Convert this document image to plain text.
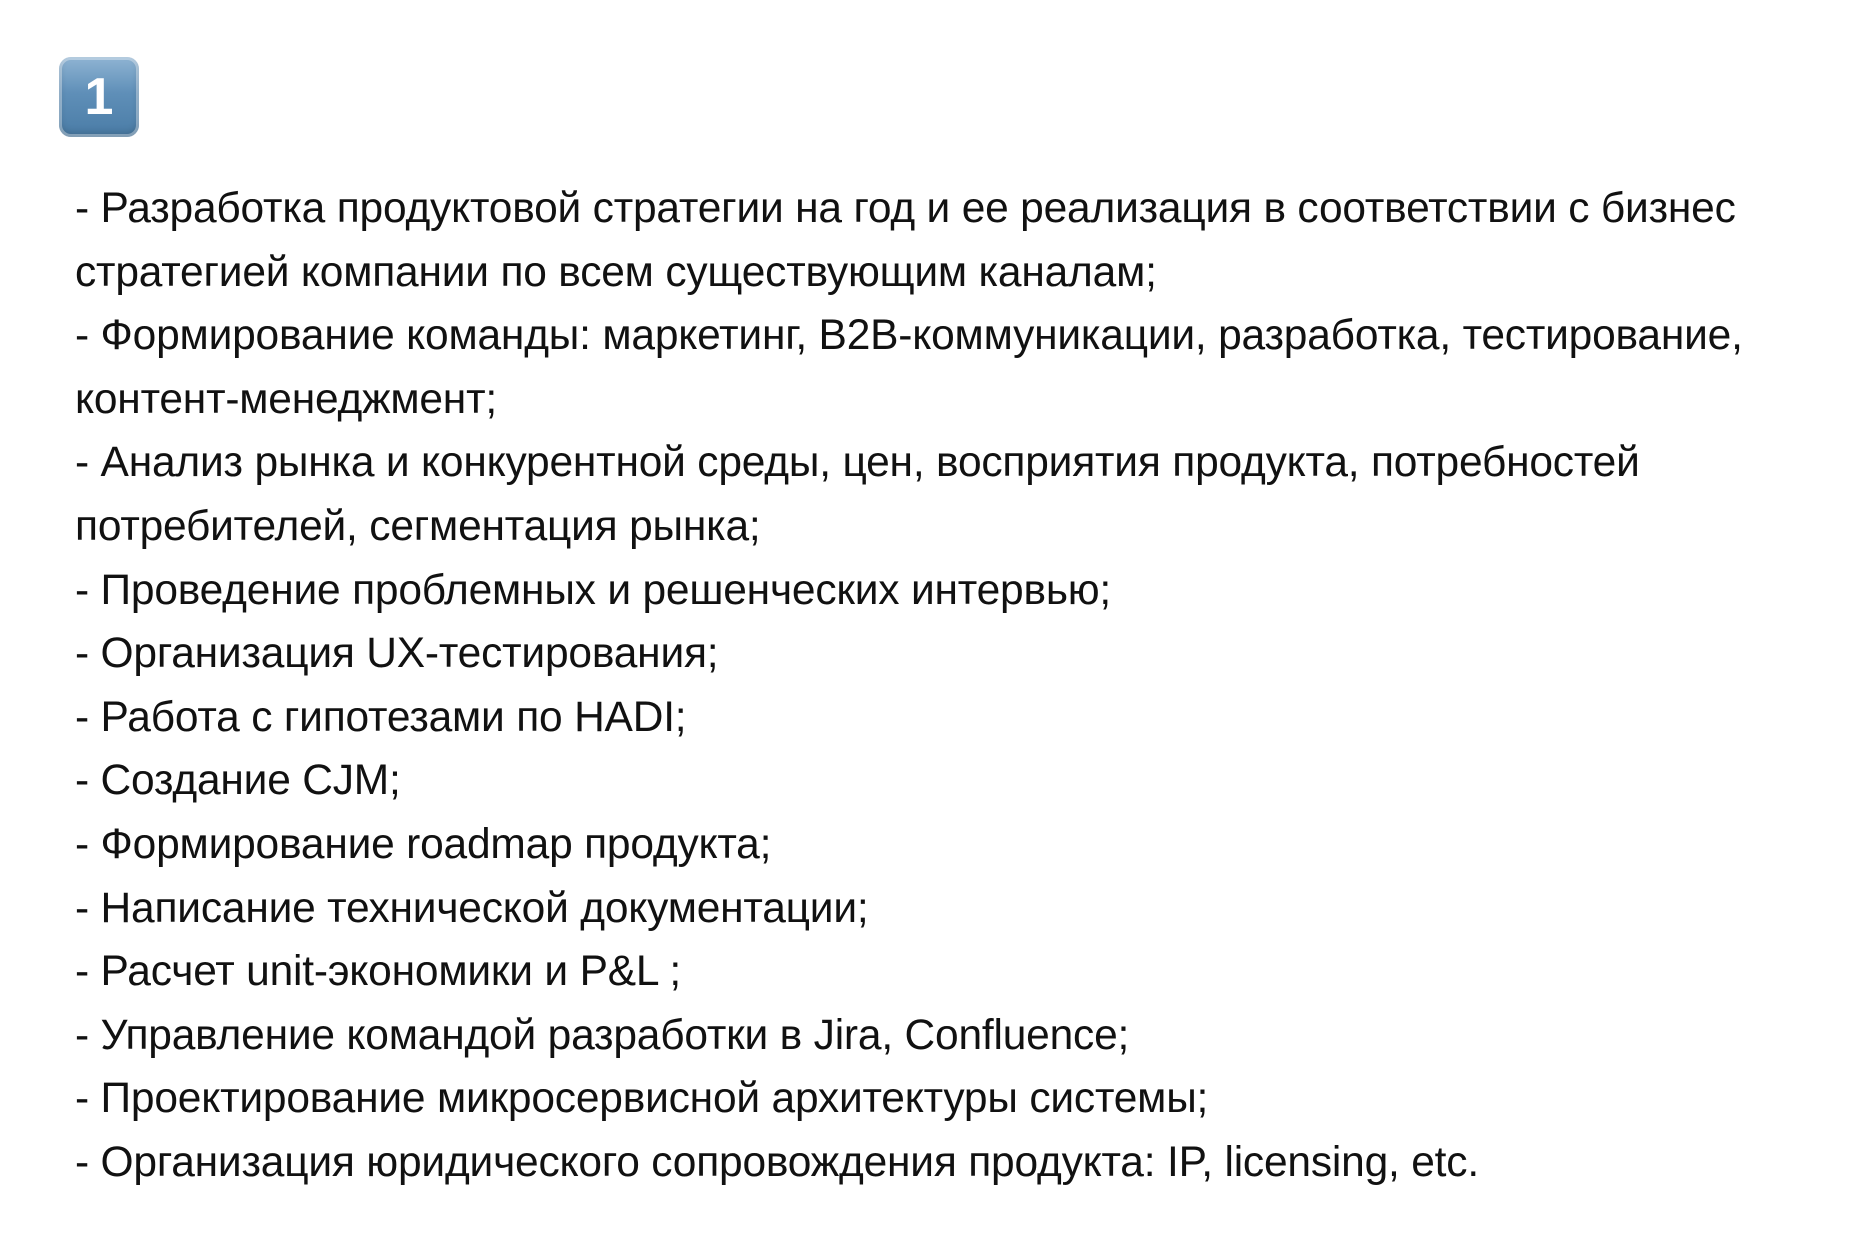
1
- Разработка продуктовой стратегии на год и ее реализация в соответствии с бизнес
стратегией компании по всем существующим каналам;
- Формирование команды: маркетинг, B2B-коммуникации, разработка, тестирование,
контент-менеджмент;
- Анализ рынка и конкурентной среды, цен, восприятия продукта, потребностей
потребителей, сегментация рынка;
- Проведение проблемных и решенческих интервью;
- Организация UX-тестирования;
- Работа с гипотезами по HADI;
- Создание CJM;
- Формирование roadmap продукта;
- Написание технической документации;
- Расчет unit-экономики и P&L ;
- Управление командой разработки в Jira, Confluence;
- Проектирование микросервисной архитектуры системы;
- Организация юридического сопровождения продукта: IP, licensing, etc.
